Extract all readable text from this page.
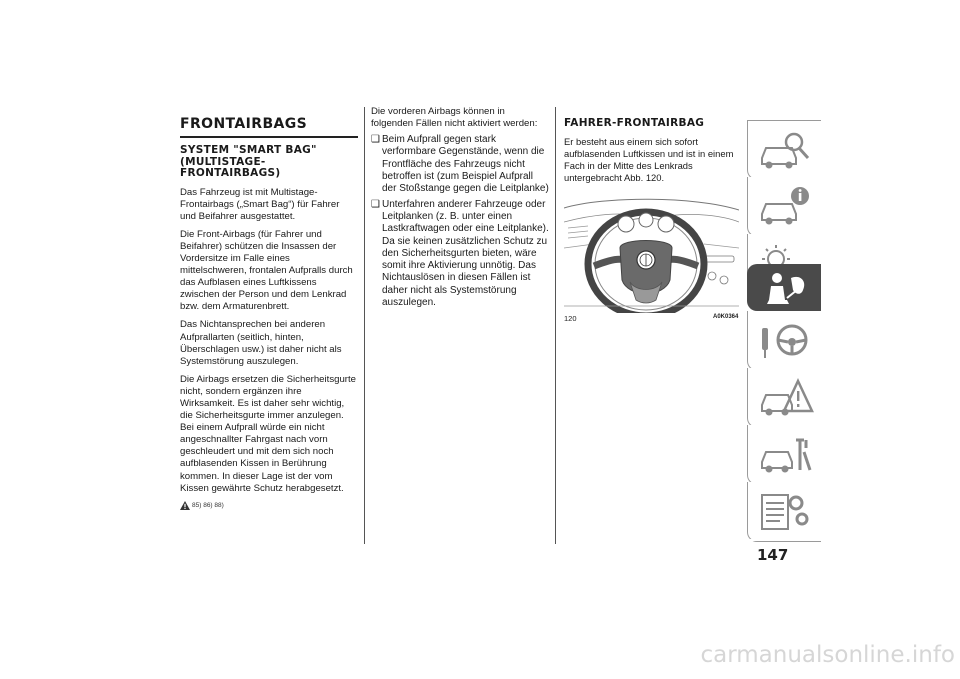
FRONTAIRBAGS

SYSTEM "SMART BAG" (MULTISTAGE-FRONTAIRBAGS)

Das Fahrzeug ist mit Multistage-Frontairbags („Smart Bag“) für Fahrer und Beifahrer ausgestattet.

Die Front-Airbags (für Fahrer und Beifahrer) schützen die Insassen der Vordersitze im Falle eines mittelschweren, frontalen Aufpralls durch das Aufblasen eines Luftkissens zwischen der Person und dem Lenkrad bzw. dem Armaturenbrett.

Das Nichtansprechen bei anderen Aufprallarten (seitlich, hinten, Überschlagen usw.) ist daher nicht als Systemstörung auszulegen.

Die Airbags ersetzen die Sicherheitsgurte nicht, sondern ergänzen ihre Wirksamkeit. Es ist daher sehr wichtig, die Sicherheitsgurte immer anzulegen. Bei einem Aufprall würde ein nicht angeschnallter Fahrgast nach vorn geschleudert und mit dem sich noch aufblasenden Kissen in Berührung kommen. In dieser Lage ist der vom Kissen gewährte Schutz herabgesetzt.

85) 86) 88)

Die vorderen Airbags können in folgenden Fällen nicht aktiviert werden:

❑ Beim Aufprall gegen stark verformbare Gegenstände, wenn die Frontfläche des Fahrzeugs nicht betroffen ist (zum Beispiel Aufprall der Stoßstange gegen die Leitplanke)

❑ Unterfahren anderer Fahrzeuge oder Leitplanken (z. B. unter einen Lastkraftwagen oder eine Leitplanke). Da sie keinen zusätzlichen Schutz zu den Sicherheitsgurten bieten, wäre somit ihre Aktivierung unnötig. Das Nichtauslösen in diesen Fällen ist daher nicht als Systemstörung auszulegen.

FAHRER-FRONTAIRBAG

Er besteht aus einem sich sofort aufblasenden Luftkissen und ist in einem Fach in der Mitte des Lenkrads untergebracht Abb. 120.

120	A0K0364
147
carmanualsonline.info
